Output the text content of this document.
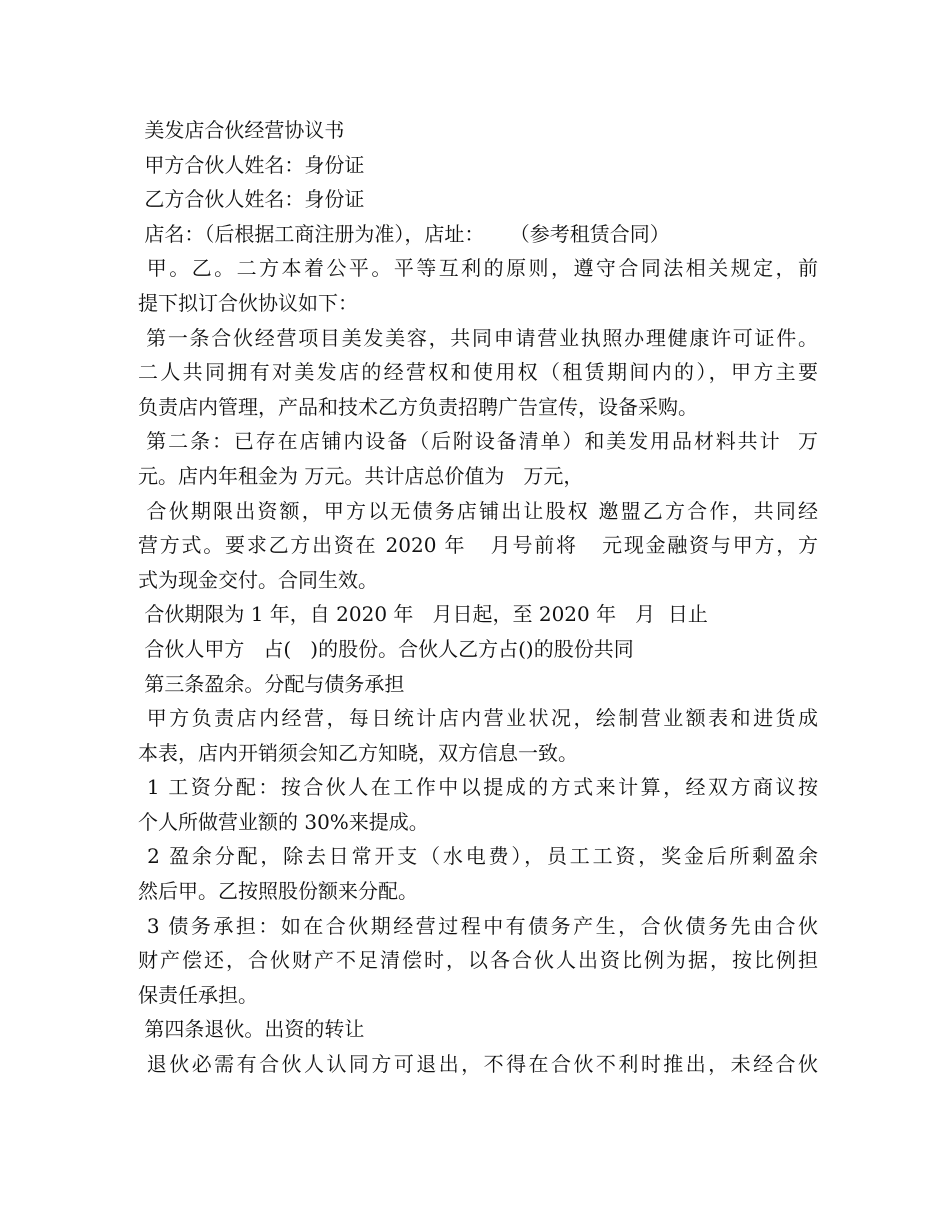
美发店合伙经营协议书
甲方合伙人姓名：身份证
乙方合伙人姓名：身份证
店名：（后根据工商注册为准），店址：    （参考租赁合同）
甲。乙。二方本着公平。平等互利的原则，遵守合同法相关规定，前
提下拟订合伙协议如下：
第一条合伙经营项目美发美容，共同申请营业执照办理健康许可证件。
二人共同拥有对美发店的经营权和使用权（租赁期间内的），甲方主要
负责店内管理，产品和技术乙方负责招聘广告宣传，设备采购。
第二条：已存在店铺内设备（后附设备清单）和美发用品材料共计  万
元。店内年租金为 万元。共计店总价值为   万元，
合伙期限出资额，甲方以无债务店铺出让股权 邀盟乙方合作，共同经
营方式。要求乙方出资在 2020 年   月号前将   元现金融资与甲方，方
式为现金交付。合同生效。
合伙期限为 1 年，自 2020 年   月日起，至 2020 年   月  日止
合伙人甲方   占(   )的股份。合伙人乙方占()的股份共同
第三条盈余。分配与债务承担
甲方负责店内经营，每日统计店内营业状况，绘制营业额表和进货成
本表，店内开销须会知乙方知晓，双方信息一致。
1 工资分配：按合伙人在工作中以提成的方式来计算，经双方商议按
个人所做营业额的 30%来提成。
2 盈余分配，除去日常开支（水电费），员工工资，奖金后所剩盈余
然后甲。乙按照股份额来分配。
3 债务承担：如在合伙期经营过程中有债务产生，合伙债务先由合伙
财产偿还，合伙财产不足清偿时，以各合伙人出资比例为据，按比例担
保责任承担。
第四条退伙。出资的转让
退伙必需有合伙人认同方可退出，不得在合伙不利时推出，未经合伙
